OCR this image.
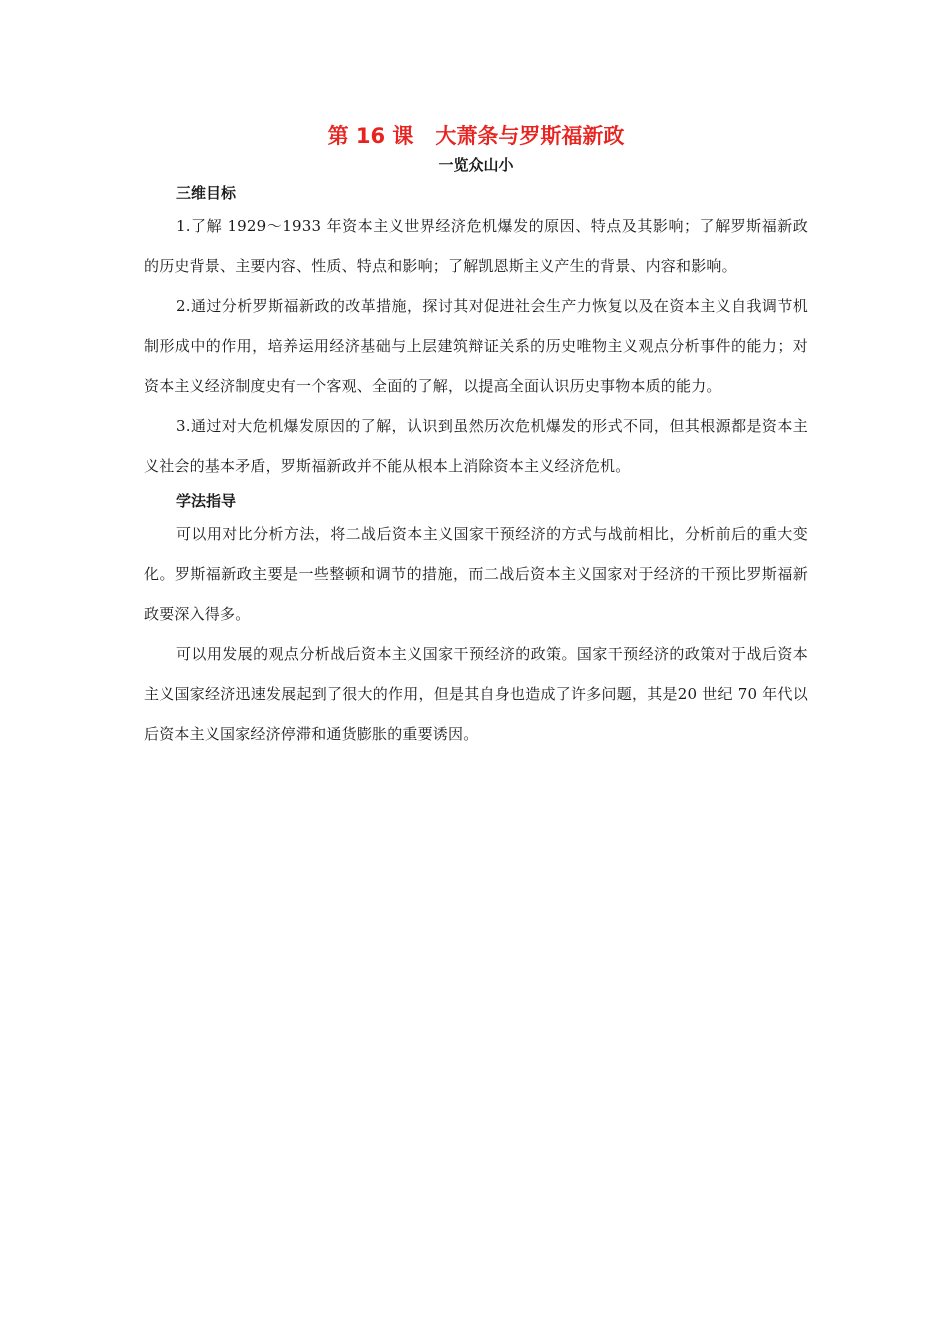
第 16 课 大萧条与罗斯福新政

一览众山小

三维目标

1.了解 1929～1933 年资本主义世界经济危机爆发的原因、特点及其影响；了解罗斯福新政的历史背景、主要内容、性质、特点和影响；了解凯恩斯主义产生的背景、内容和影响。

2.通过分析罗斯福新政的改革措施，探讨其对促进社会生产力恢复以及在资本主义自我调节机制形成中的作用，培养运用经济基础与上层建筑辩证关系的历史唯物主义观点分析事件的能力；对资本主义经济制度史有一个客观、全面的了解，以提高全面认识历史事物本质的能力。

3.通过对大危机爆发原因的了解，认识到虽然历次危机爆发的形式不同，但其根源都是资本主义社会的基本矛盾，罗斯福新政并不能从根本上消除资本主义经济危机。

学法指导

可以用对比分析方法，将二战后资本主义国家干预经济的方式与战前相比，分析前后的重大变化。罗斯福新政主要是一些整顿和调节的措施，而二战后资本主义国家对于经济的干预比罗斯福新政要深入得多。

可以用发展的观点分析战后资本主义国家干预经济的政策。国家干预经济的政策对于战后资本主义国家经济迅速发展起到了很大的作用，但是其自身也造成了许多问题，其是20 世纪 70 年代以后资本主义国家经济停滞和通货膨胀的重要诱因。
